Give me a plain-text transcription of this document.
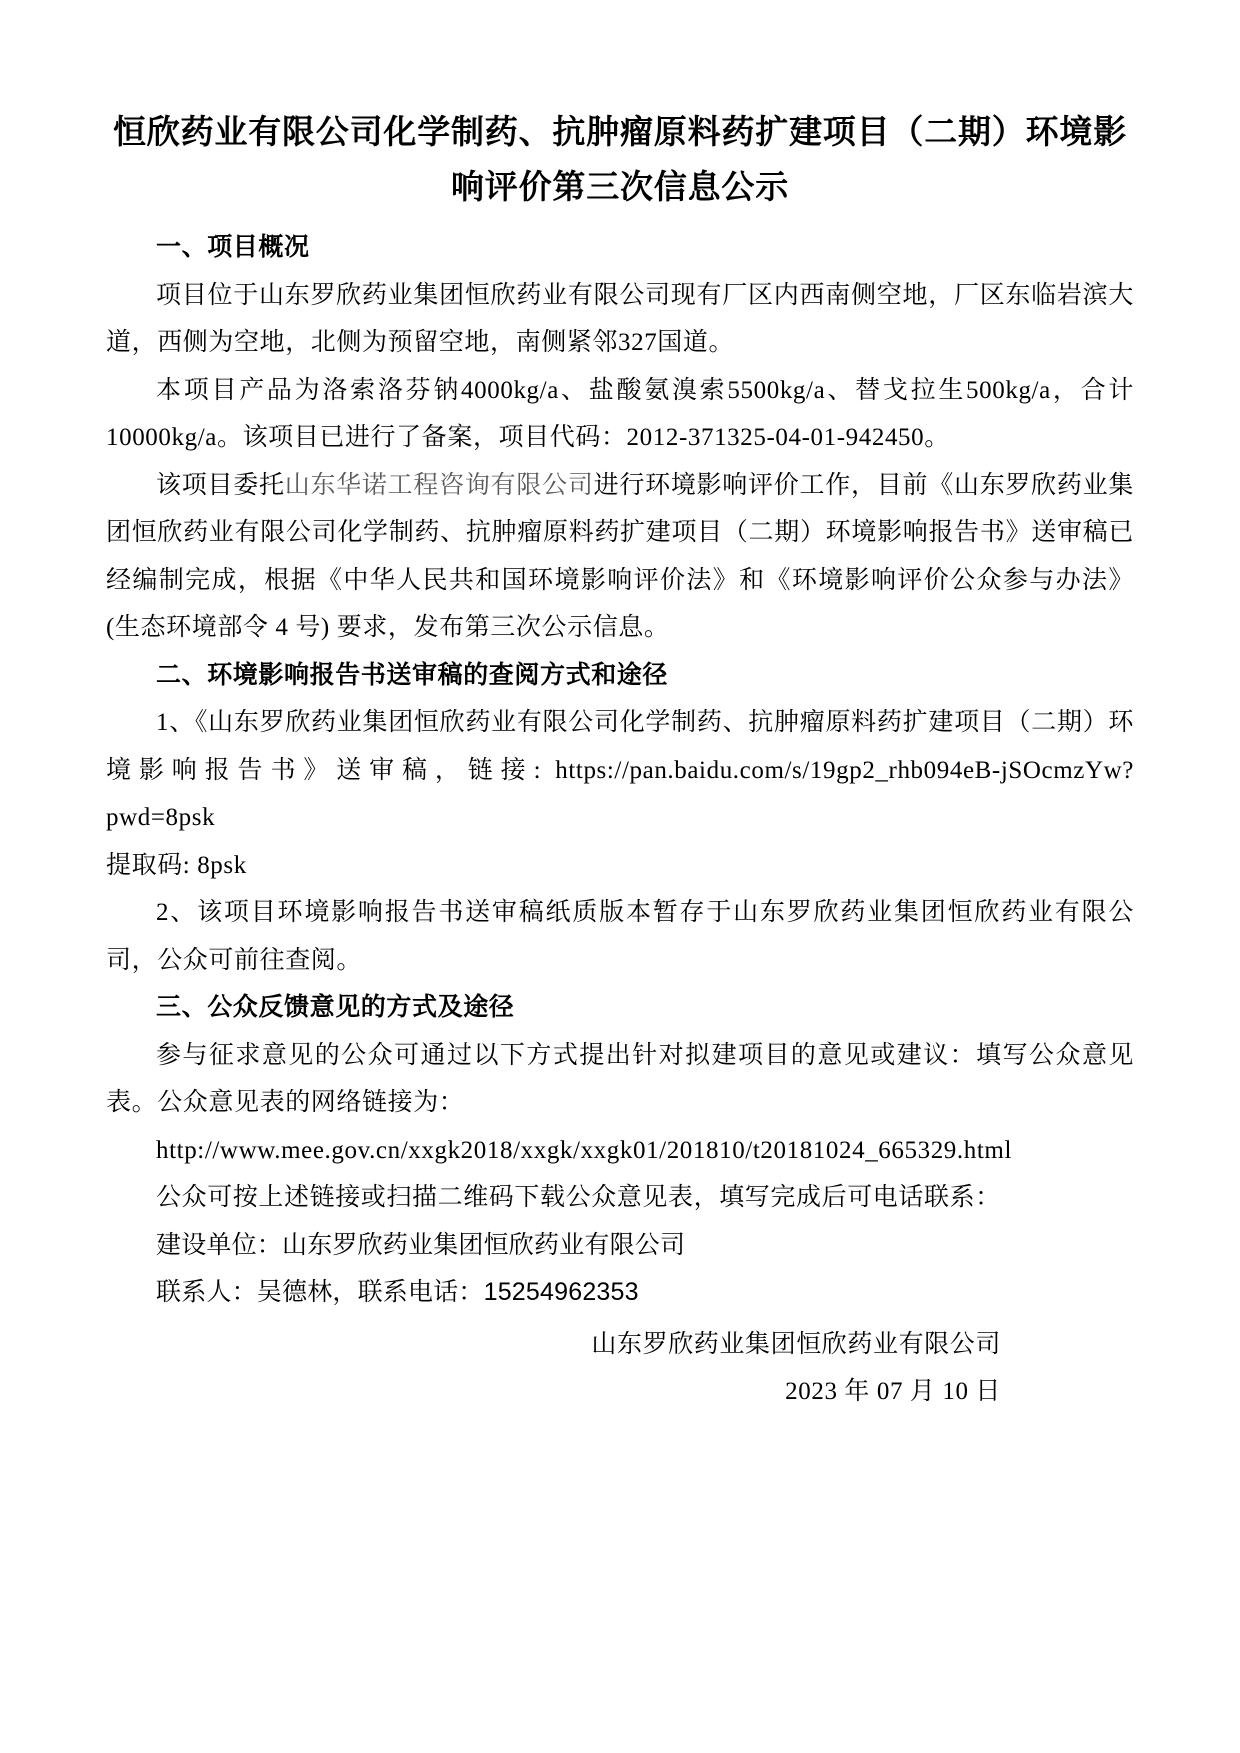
恒欣药业有限公司化学制药、抗肿瘤原料药扩建项目（二期）环境影
响评价第三次信息公示

一、项目概况

项目位于山东罗欣药业集团恒欣药业有限公司现有厂区内西南侧空地，厂区东临岩滨大道，西侧为空地，北侧为预留空地，南侧紧邻327国道。

本项目产品为洛索洛芬钠4000kg/a、盐酸氨溴索5500kg/a、替戈拉生500kg/a，合计10000kg/a。该项目已进行了备案，项目代码：2012-371325-04-01-942450。

该项目委托山东华诺工程咨询有限公司进行环境影响评价工作，目前《山东罗欣药业集团恒欣药业有限公司化学制药、抗肿瘤原料药扩建项目（二期）环境影响报告书》送审稿已经编制完成，根据《中华人民共和国环境影响评价法》和《环境影响评价公众参与办法》 (生态环境部令 4 号) 要求，发布第三次公示信息。

二、环境影响报告书送审稿的查阅方式和途径

1、《山东罗欣药业集团恒欣药业有限公司化学制药、抗肿瘤原料药扩建项目（二期）环境影响报告书》送审稿，链接: https://pan.baidu.com/s/19gp2_rhb094eB-jSOcmzYw?pwd=8psk

提取码: 8psk

2、该项目环境影响报告书送审稿纸质版本暂存于山东罗欣药业集团恒欣药业有限公司，公众可前往查阅。

三、公众反馈意见的方式及途径

参与征求意见的公众可通过以下方式提出针对拟建项目的意见或建议：填写公众意见表。公众意见表的网络链接为：

http://www.mee.gov.cn/xxgk2018/xxgk/xxgk01/201810/t20181024_665329.html

公众可按上述链接或扫描二维码下载公众意见表，填写完成后可电话联系：

建设单位：山东罗欣药业集团恒欣药业有限公司

联系人：吴德林，联系电话：15254962353

山东罗欣药业集团恒欣药业有限公司

2023 年 07 月 10 日
